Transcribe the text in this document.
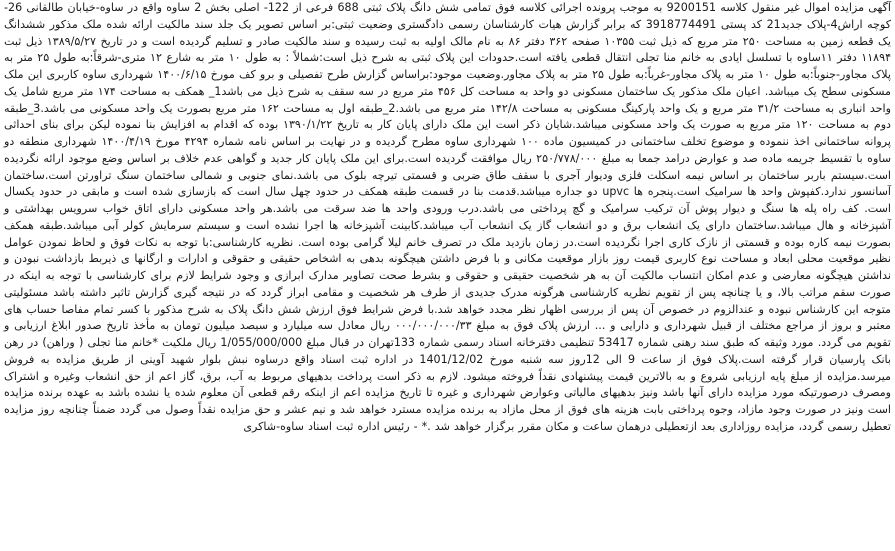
آگهی مزایده اموال غیر منقول کلاسه 9200151 به موجب پرونده اجرائی کلاسه فوق تمامی شش دانگ پلاک ثبتی 688 فرعی از 122- اصلی بخش 2 ساوه واقع در ساوه-خیابان طالقانی 26-کوچه اراش4-پلاک جدید21 کد پستی 3918774491 که برابر گزارش هیات کارشناسان رسمی دادگستری وضعیت ثبتی:بر اساس تصویر یک جلد سند مالکیت ارائه شده ملک مذکور ششدانگ یک قطعه زمین به مساحت ۲۵۰ متر مربع که ذیل ثبت ۱۰۳۵۵ صفحه ۳۶۲ دفتر ۸۶ به نام مالک اولیه به ثبت رسیده و سند مالکیت صادر و تسلیم گردیده است و در تاریخ ۱۳۸۹/۵/۲۷ ذیل ثبت ۱۱۸۹۴ دفتر ۱۱ساوه با تسلسل ایادی به خانم منا تجلی انتقال قطعی یافته است.حدودات این پلاک ثبتی به شرح ذیل است:شمالاً : به طول ۱۰ متر به شارع ۱۲ متری-شرقاً:به طول ۲۵ متر به پلاک مجاور-جنوباً:به طول ۱۰ متر به پلاک مجاور-غرباً:به طول ۲۵ متر به پلاک مجاور.وضعیت موجود:براساس گزارش طرح تفصیلی و برو کف مورخ ۱۴۰۰/۶/۱۵ شهرداری ساوه کاربری این ملک مسکونی سطح یک میباشد. اعیان ملک مذکور یک ساختمان مسکونی دو واحد به مساحت کل ۴۵۶ متر مربع در سه سقف به شرح ذیل می باشد1_ همکف به مساحت ۱۷۴ متر مربع شامل یک واحد انباری به مساحت ۳۱/۲ متر مربع و یک واحد پارکینگ مسکونی به مساحت ۱۴۲/۸ متر مربع می باشد.2_طبقه اول به مساحت ۱۶۲ متر مربع بصورت یک واحد مسکونی می باشد.3_طبقه دوم به مساحت ۱۲۰ متر مربع به صورت یک واحد مسکونی میباشد.شایان ذکر است این ملک دارای پایان کار به تاریخ ۱۳۹۰/۱/۲۲ بوده که اقدام به افزایش بنا نموده لیکن برای بنای احداثی پروانه ساختمانی اخذ ننموده و موضوع تخلف ساختمانی در کمیسیون ماده ۱۰۰ شهرداری ساوه مطرح گردیده و در نهایت بر اساس نامه شماره ۴۲۹۴ مورخ ۱۴۰۰/۴/۱۹ شهرداری منطقه دو ساوه با تقسیط جریمه ماده صد و عوارض درامد جمعا به مبلغ ۲۵۰/۷۷۸/۰۰۰ ریال موافقت گردیده است.برای این ملک پایان کار جدید و گواهی عدم خلاف بر اساس وضع موجود ارائه نگردیده است.سیستم باربر ساختمان بر اساس نیمه اسکلت فلزی ودیوار آجری با سقف طاق ضربی و قسمتی تیرچه بلوک می باشد.نمای جنوبی و شمالی ساختمان سنگ تراورتن است.ساختمان آسانسور ندارد.کفپوش واحد ها سرامیک است.پنجره ها upvc دو جداره میباشد.قدمت بنا در قسمت طبقه همکف در حدود چهل سال است که بازسازی شده است و مابقی در حدود یکسال است. کف راه پله ها سنگ و دیوار پوش آن ترکیب سرامیک و گچ پرداختی می باشد.درب ورودی واحد ها ضد سرقت می باشد.هر واحد مسکونی دارای اتاق خواب سرویس بهداشتی و آشپزخانه و هال میباشد.ساختمان دارای یک انشعاب برق و دو انشعاب گاز یک انشعاب آب میباشد.کابینت آشپزخانه ها اجرا نشده است و سیستم سرمایش کولر آبی میباشد.طبقه همکف بصورت نیمه کاره بوده و قسمتی از نازک کاری اجرا نگردیده است.در زمان بازدید ملک در تصرف خانم لیلا گرامی بوده است. نظریه کارشناسی:با توجه به نکات فوق و لحاظ نمودن عوامل نظیر موقعیت محلی ابعاد و مساحت نوع کاربری قیمت روز بازار موقعیت مکانی و با فرض داشتن هیچگونه بدهی به اشخاص حقیقی و حقوقی و ادارات و ارگانها ی ذیربط بازداشت نبودن و نداشتن هیچگونه معارضی و عدم امکان انتساب مالکیت آن به هر شخصیت حقیقی و حقوقی و بشرط صحت تصاویر مدارک ابرازی و وجود شرایط لازم برای کارشناسی با توجه به اینکه در صورت سقم مراتب بالا، و یا چنانچه پس از تقویم نظریه کارشناسی هرگونه مدرک جدیدی از طرف هر شخصیت و مقامی ابراز گردد که در نتیجه گیری گزارش تاثیر داشته باشد مسئولیتی متوجه این کارشناس نبوده و عندالزوم در خصوص آن پس از بررسی اظهار نظر مجدد خواهد شد.با فرض شرایط فوق ارزش شش دانگ پلاک به شرح مذکور با کسر تمام مفاصا حساب های معتبر و بروز از مراجع مختلف از قبیل شهرداری و دارایی و ... ارزش پلاک فوق به مبلغ ۰۰۰/۰۰۰/۰۰۰/۳۳ ریال معادل سه میلیارد و سیصد میلیون تومان به مأخذ تاریخ صدور ابلاغ ارزیابی و تقویم می گردد. مورد وثیقه که طبق سند رهنی شماره 53417 تنظیمی دفترخانه اسناد رسمی شماره 133تهران در قبال مبلغ 1/055/000/000 ریال ملکیت *خانم منا تجلی ( وراهن) در رهن بانک پارسیان قرار گرفته است.پلاک فوق از ساعت 9 الی 12روز سه شنبه مورخ 1401/12/02 در اداره ثبت اسناد واقع درساوه نبش بلوار شهید آوینی از طریق مزایده به فروش میرسد.مزایده از مبلغ پایه ارزیابی شروع و به بالاترین قیمت پیشنهادی نقداً فروخته میشود. لازم به ذکر است پرداخت بدهیهای مربوط به آب، برق، گاز اعم از حق انشعاب وغیره و اشتراک ومصرف درصورتیکه مورد مزایده دارای آنها باشد ونیز بدهیهای مالیاتی وعوارض شهرداری و غیره تا تاریخ مزایده اعم از اینکه رقم قطعی آن معلوم شده یا نشده باشد به عهده برنده مزایده است ونیز در صورت وجود مازاد، وجوه پرداختی بابت هزینه های فوق از محل مازاد به برنده مزایده مسترد خواهد شد و نیم عشر و حق مزایده نقداً وصول می گردد ضمناً چنانچه روز مزایده تعطیل رسمی گردد، مزایده روزاداری بعد ازتعطیلی درهمان ساعت و مکان مقرر برگزار خواهد شد .* - رئیس اداره ثبت اسناد ساوه-شاکری
